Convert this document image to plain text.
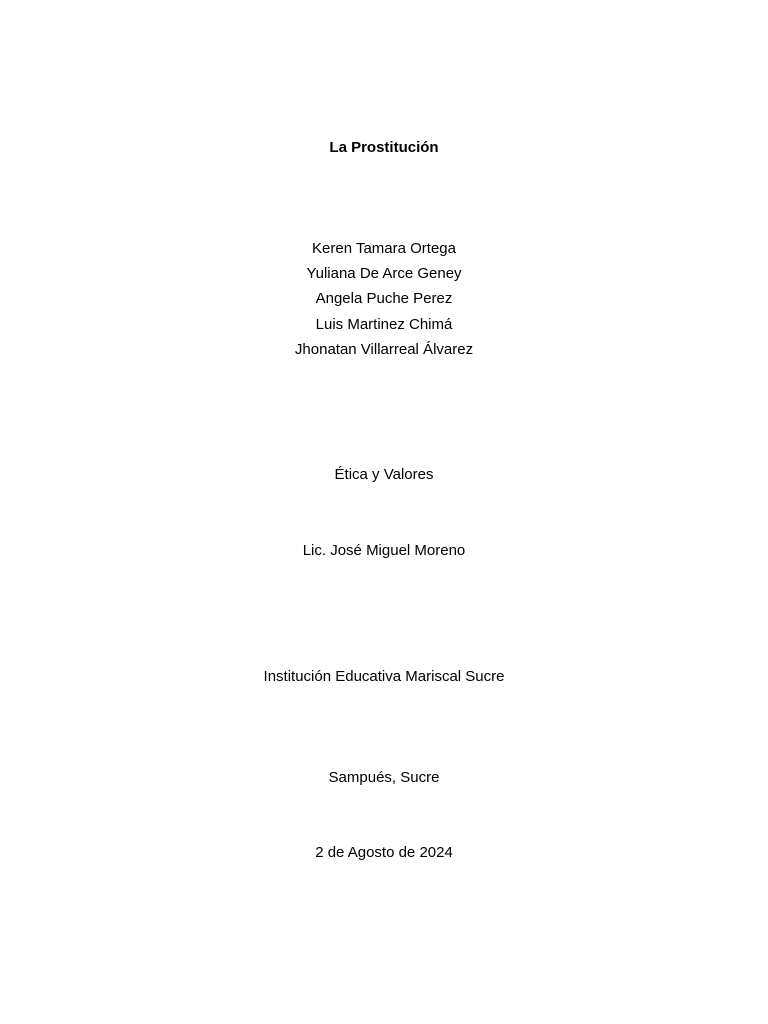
La Prostitución
Keren Tamara Ortega
Yuliana De Arce Geney
Angela Puche Perez
Luis Martinez Chimá
Jhonatan Villarreal Álvarez
Ética y Valores
Lic. José Miguel Moreno
Institución Educativa Mariscal Sucre
Sampués, Sucre
2 de Agosto de 2024
